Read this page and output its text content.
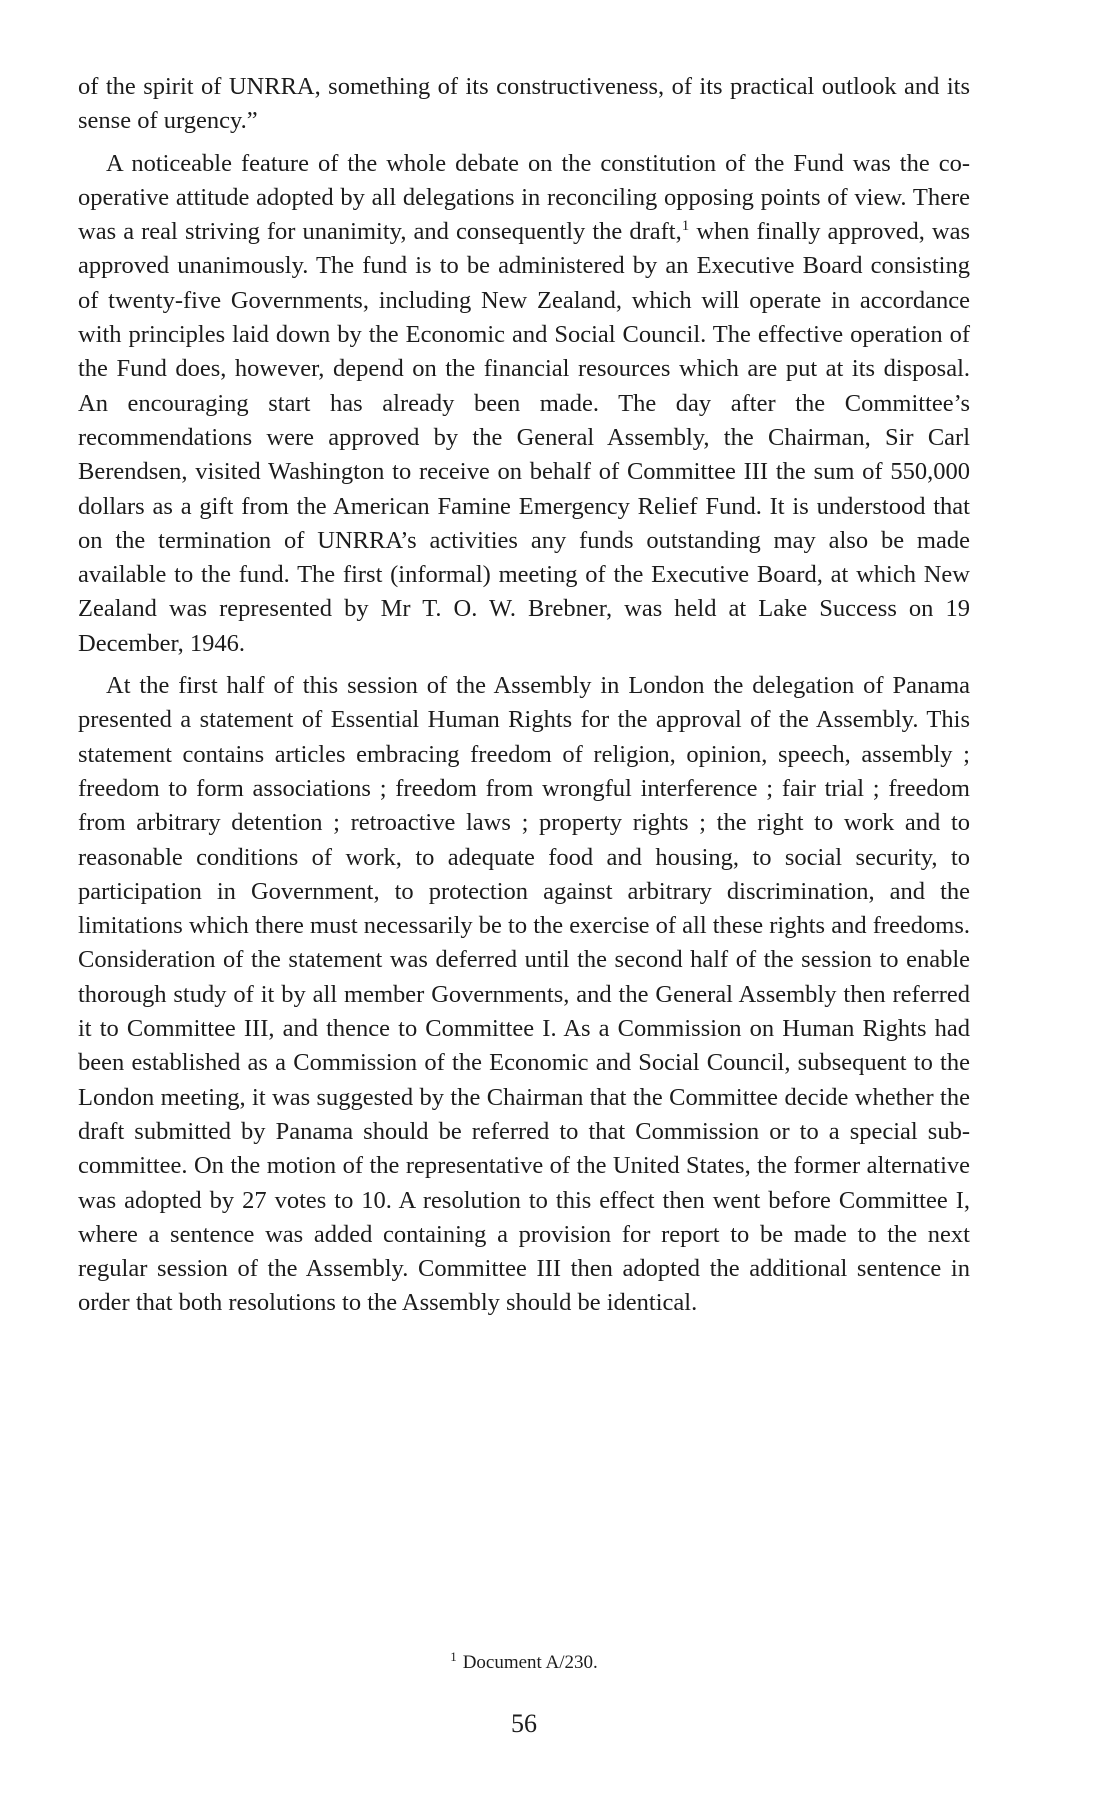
of the spirit of UNRRA, something of its constructiveness, of its practical outlook and its sense of urgency.”

A noticeable feature of the whole debate on the constitution of the Fund was the co-operative attitude adopted by all delegations in reconciling opposing points of view. There was a real striving for unanimity, and consequently the draft,$^1$ when finally approved, was approved unanimously. The fund is to be administered by an Executive Board consisting of twenty-five Governments, including New Zealand, which will operate in accordance with principles laid down by the Economic and Social Council. The effective operation of the Fund does, however, depend on the financial resources which are put at its disposal. An encouraging start has already been made. The day after the Committee’s recommendations were approved by the General Assembly, the Chairman, Sir Carl Berendsen, visited Washington to receive on behalf of Committee III the sum of 550,000 dollars as a gift from the American Famine Emergency Relief Fund. It is understood that on the termination of UNRRA’s activities any funds outstanding may also be made available to the fund. The first (informal) meeting of the Executive Board, at which New Zealand was represented by Mr T. O. W. Brebner, was held at Lake Success on 19 December, 1946.

At the first half of this session of the Assembly in London the delegation of Panama presented a statement of Essential Human Rights for the approval of the Assembly. This statement contains articles embracing freedom of religion, opinion, speech, assembly ; freedom to form associations ; freedom from wrongful interference ; fair trial ; freedom from arbitrary detention ; retroactive laws ; property rights ; the right to work and to reasonable conditions of work, to adequate food and housing, to social security, to participation in Government, to protection against arbitrary discrimination, and the limitations which there must necessarily be to the exercise of all these rights and freedoms. Consideration of the statement was deferred until the second half of the session to enable thorough study of it by all member Governments, and the General Assembly then referred it to Committee III, and thence to Committee I. As a Commission on Human Rights had been established as a Commission of the Economic and Social Council, subsequent to the London meeting, it was suggested by the Chairman that the Committee decide whether the draft submitted by Panama should be referred to that Commission or to a special sub-committee. On the motion of the representative of the United States, the former alternative was adopted by 27 votes to 10. A resolution to this effect then went before Committee I, where a sentence was added containing a provision for report to be made to the next regular session of the Assembly. Committee III then adopted the additional sentence in order that both resolutions to the Assembly should be identical.

$^1$ Document A/230.
56
